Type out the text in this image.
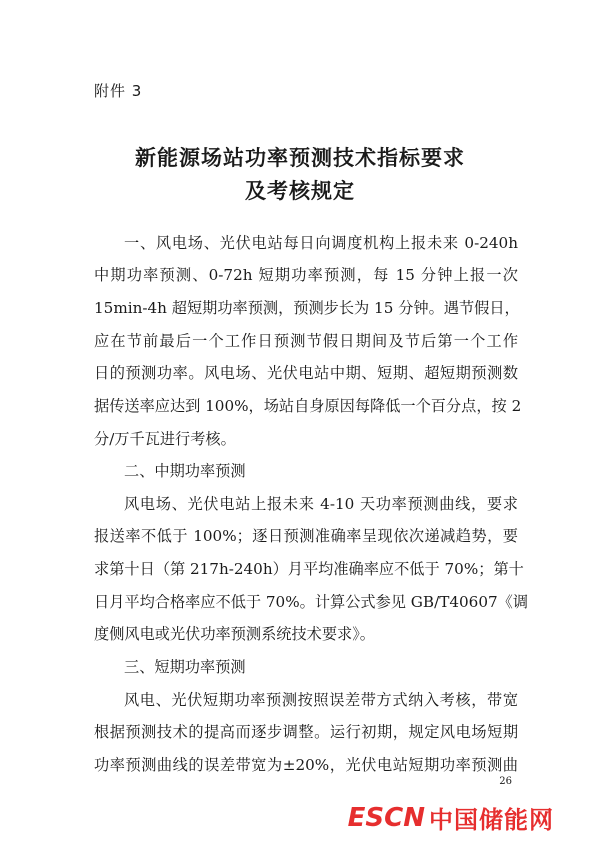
附件 3
新能源场站功率预测技术指标要求
及考核规定
一、风电场、光伏电站每日向调度机构上报未来 0-240h
中期功率预测、0-72h 短期功率预测，每 15 分钟上报一次
15min-4h 超短期功率预测，预测步长为 15 分钟。遇节假日，
应在节前最后一个工作日预测节假日期间及节后第一个工作
日的预测功率。风电场、光伏电站中期、短期、超短期预测数
据传送率应达到 100%，场站自身原因每降低一个百分点，按 2
分/万千瓦进行考核。
二、中期功率预测
风电场、光伏电站上报未来 4-10 天功率预测曲线，要求
报送率不低于 100%；逐日预测准确率呈现依次递减趋势，要
求第十日（第 217h-240h）月平均准确率应不低于 70%；第十
日月平均合格率应不低于 70%。计算公式参见 GB/T40607《调
度侧风电或光伏功率预测系统技术要求》。
三、短期功率预测
风电、光伏短期功率预测按照误差带方式纳入考核，带宽
根据预测技术的提高而逐步调整。运行初期，规定风电场短期
功率预测曲线的误差带宽为±20%，光伏电站短期功率预测曲
26
ESCN 中国储能网
